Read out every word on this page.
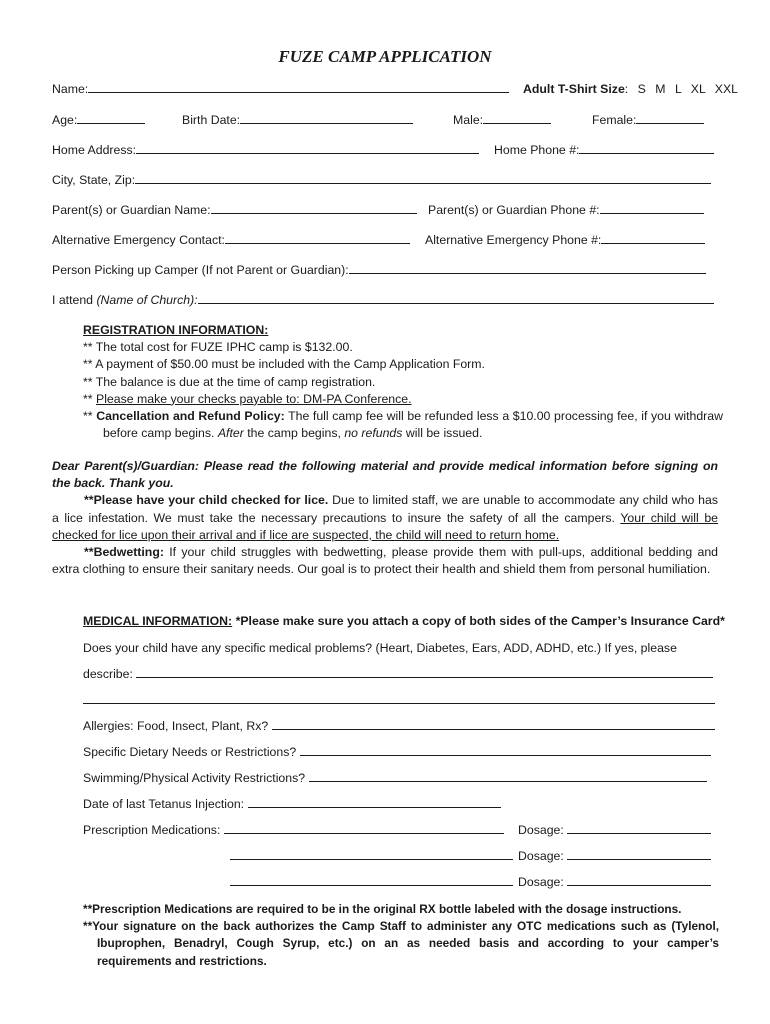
FUZE CAMP APPLICATION
Name:	Adult T-Shirt Size: S M L XL XXL
Age:	Birth Date:	Male:	Female:
Home Address:	Home Phone #:
City, State, Zip:
Parent(s) or Guardian Name:	Parent(s) or Guardian Phone #:
Alternative Emergency Contact:	Alternative Emergency Phone #:
Person Picking up Camper (If not Parent or Guardian):
I attend (Name of Church):
REGISTRATION INFORMATION:
** The total cost for FUZE IPHC camp is $132.00.
** A payment of $50.00 must be included with the Camp Application Form.
** The balance is due at the time of camp registration.
** Please make your checks payable to: DM-PA Conference.
** Cancellation and Refund Policy: The full camp fee will be refunded less a $10.00 processing fee, if you withdraw before camp begins. After the camp begins, no refunds will be issued.
Dear Parent(s)/Guardian: Please read the following material and provide medical information before signing on the back. Thank you.
**Please have your child checked for lice. Due to limited staff, we are unable to accommodate any child who has a lice infestation. We must take the necessary precautions to insure the safety of all the campers. Your child will be checked for lice upon their arrival and if lice are suspected, the child will need to return home.
**Bedwetting: If your child struggles with bedwetting, please provide them with pull-ups, additional bedding and extra clothing to ensure their sanitary needs. Our goal is to protect their health and shield them from personal humiliation.
MEDICAL INFORMATION: *Please make sure you attach a copy of both sides of the Camper’s Insurance Card*
Does your child have any specific medical problems? (Heart, Diabetes, Ears, ADD, ADHD, etc.) If yes, please
describe:
Allergies: Food, Insect, Plant, Rx?
Specific Dietary Needs or Restrictions?
Swimming/Physical Activity Restrictions?
Date of last Tetanus Injection:
Prescription Medications:	Dosage:
Dosage:
Dosage:
**Prescription Medications are required to be in the original RX bottle labeled with the dosage instructions.
**Your signature on the back authorizes the Camp Staff to administer any OTC medications such as (Tylenol, Ibuprophen, Benadryl, Cough Syrup, etc.) on an as needed basis and according to your camper’s requirements and restrictions.
